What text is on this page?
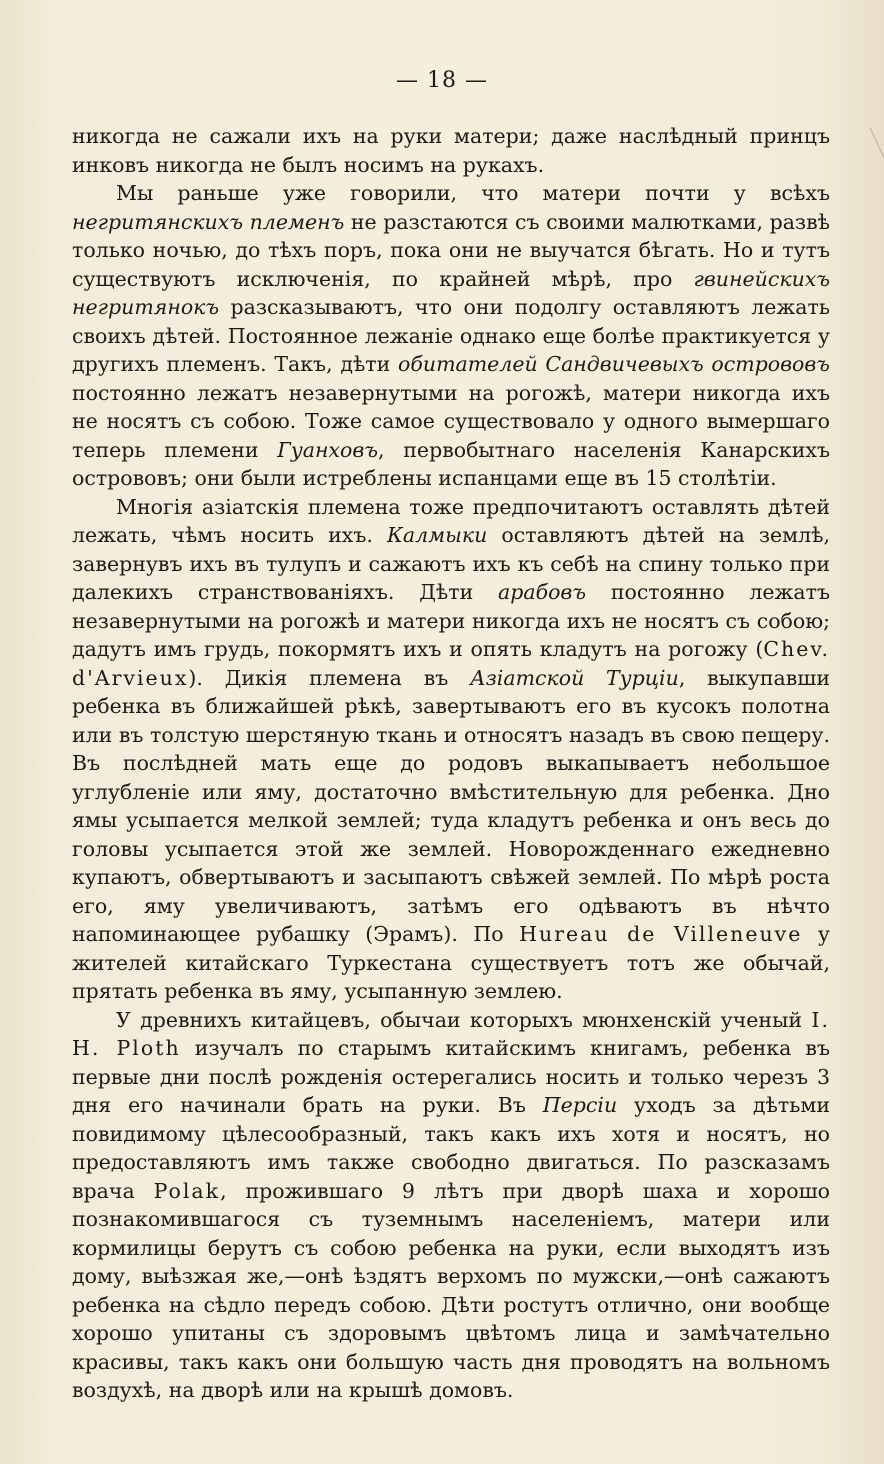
— 18 —

никогда не сажали ихъ на руки матери; даже наслѣдный принцъ инковъ никогда не былъ носимъ на рукахъ.

Мы раньше уже говорили, что матери почти у всѣхъ негритянскихъ племенъ не разстаются съ своими малютками, развѣ только ночью, до тѣхъ поръ, пока они не выучатся бѣгать. Но и тутъ существуютъ исключенія, по крайней мѣрѣ, про гвинейскихъ негритянокъ разсказываютъ, что они подолгу оставляютъ лежать своихъ дѣтей. Постоянное лежаніе однако еще болѣе практикуется у другихъ племенъ. Такъ, дѣти обитателей Сандвичевыхъ острововъ постоянно лежатъ незавернутыми на рогожѣ, матери никогда ихъ не носятъ съ собою. Тоже самое существовало у одного вымершаго теперь племени Гуанховъ, первобытнаго населенія Канарскихъ острововъ; они были истреблены испанцами еще въ 15 столѣтіи.

Многія азіатскія племена тоже предпочитаютъ оставлять дѣтей лежать, чѣмъ носить ихъ. Калмыки оставляютъ дѣтей на землѣ, завернувъ ихъ въ тулупъ и сажаютъ ихъ къ себѣ на спину только при далекихъ странствованіяхъ. Дѣти арабовъ постоянно лежатъ незавернутыми на рогожѣ и матери никогда ихъ не носятъ съ собою; дадутъ имъ грудь, покормятъ ихъ и опять кладутъ на рогожу (Chev. d'Arvieux). Дикія племена въ Азіатской Турціи, выкупавши ребенка въ ближайшей рѣкѣ, завертываютъ его въ кусокъ полотна или въ толстую шерстяную ткань и относятъ назадъ въ свою пещеру. Въ послѣдней мать еще до родовъ выкапываетъ небольшое углубленіе или яму, достаточно вмѣстительную для ребенка. Дно ямы усыпается мелкой землей; туда кладутъ ребенка и онъ весь до головы усыпается этой же землей. Новорожденнаго ежедневно купаютъ, обвертываютъ и засыпаютъ свѣжей землей. По мѣрѣ роста его, яму увеличиваютъ, затѣмъ его одѣваютъ въ нѣчто напоминающее рубашку (Эрамъ). По Hureau de Villeneuve у жителей китайскаго Туркестана существуетъ тотъ же обычай, прятать ребенка въ яму, усыпанную землею.

У древнихъ китайцевъ, обычаи которыхъ мюнхенскій ученый I. H. Ploth изучалъ по старымъ китайскимъ книгамъ, ребенка въ первые дни послѣ рожденія остерегались носить и только черезъ 3 дня его начинали брать на руки. Въ Персіи уходъ за дѣтьми повидимому цѣлесообразный, такъ какъ ихъ хотя и носятъ, но предоставляютъ имъ также свободно двигаться. По разсказамъ врача Polak, прожившаго 9 лѣтъ при дворѣ шаха и хорошо познакомившагося съ туземнымъ населеніемъ, матери или кормилицы берутъ съ собою ребенка на руки, если выходятъ изъ дому, выѣзжая же,—онѣ ѣздятъ верхомъ по мужски,—онѣ сажаютъ ребенка на сѣдло передъ собою. Дѣти ростутъ отлично, они вообще хорошо упитаны съ здоровымъ цвѣтомъ лица и замѣчательно красивы, такъ какъ они большую часть дня проводятъ на вольномъ воздухѣ, на дворѣ или на крышѣ домовъ.
